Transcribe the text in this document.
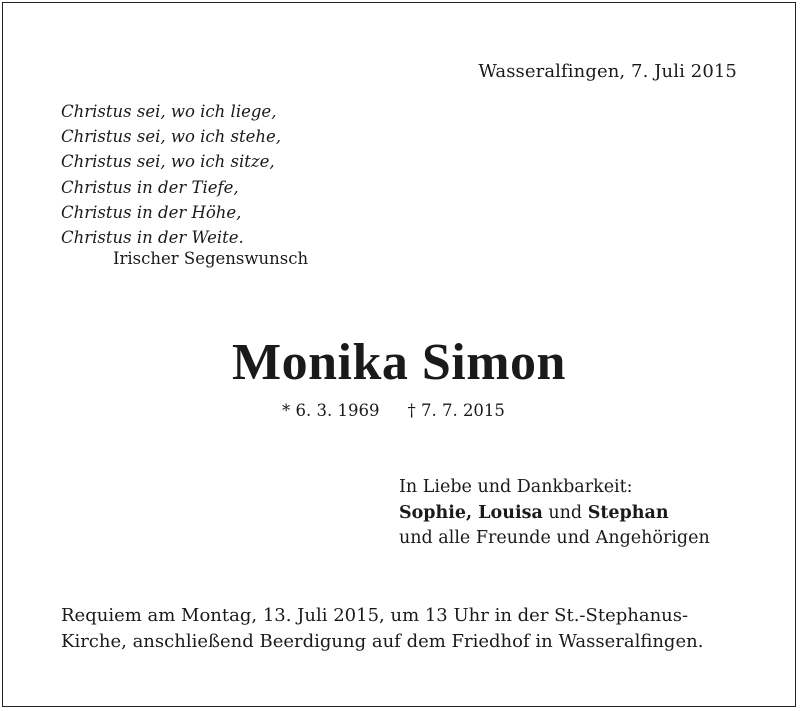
Wasseralfingen, 7. Juli 2015
Christus sei, wo ich liege,
Christus sei, wo ich stehe,
Christus sei, wo ich sitze,
Christus in der Tiefe,
Christus in der Höhe,
Christus in der Weite.
Irischer Segenswunsch
Monika Simon
* 6. 3. 1969 † 7. 7. 2015
In Liebe und Dankbarkeit:
Sophie, Louisa und Stephan
und alle Freunde und Angehörigen
Requiem am Montag, 13. Juli 2015, um 13 Uhr in der St.-Stephanus-
Kirche, anschließend Beerdigung auf dem Friedhof in Wasseralfingen.
